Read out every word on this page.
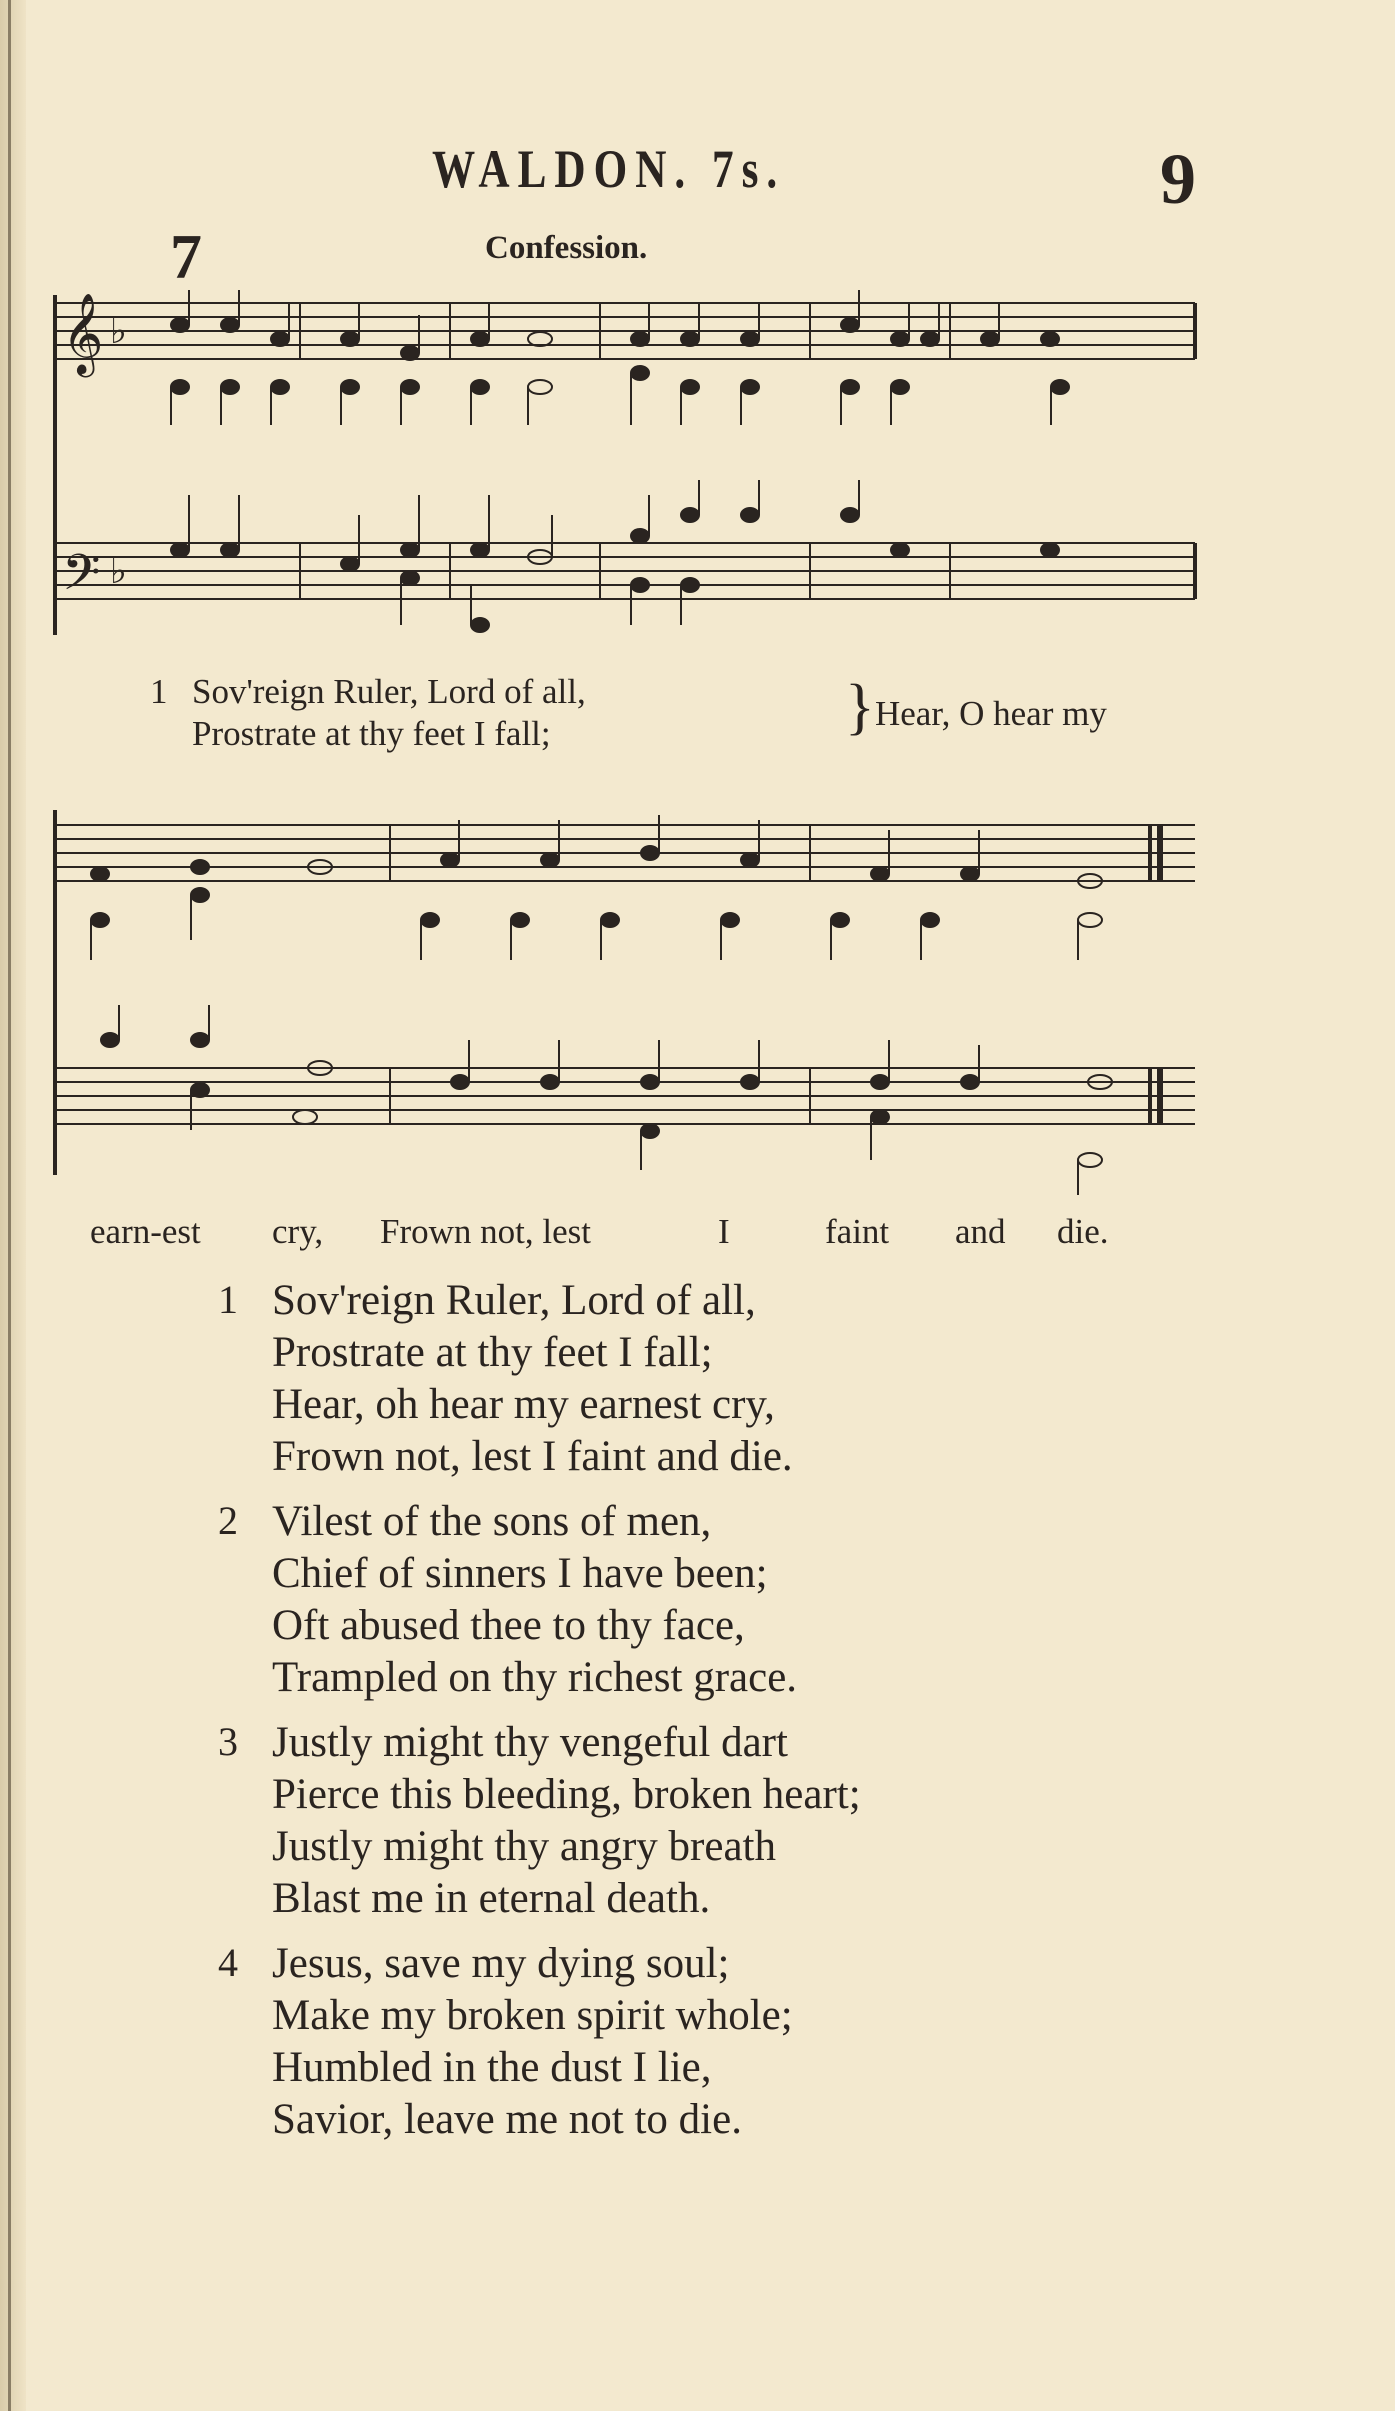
WALDON. 7s.	9
7	Confession.
𝄞
𝄢
♭
♭
1 Sov'reign Ruler, Lord of all,
Prostrate at thy feet I fall;	} Hear, O hear my
earn-est cry, Frown not, lest	I	faint and die.
1 Sov'reign Ruler, Lord of all,
Prostrate at thy feet I fall;
Hear, oh hear my earnest cry,
Frown not, lest I faint and die.
2 Vilest of the sons of men,
Chief of sinners I have been;
Oft abused thee to thy face,
Trampled on thy richest grace.
3 Justly might thy vengeful dart
Pierce this bleeding, broken heart;
Justly might thy angry breath
Blast me in eternal death.
4 Jesus, save my dying soul;
Make my broken spirit whole;
Humbled in the dust I lie,
Savior, leave me not to die.
